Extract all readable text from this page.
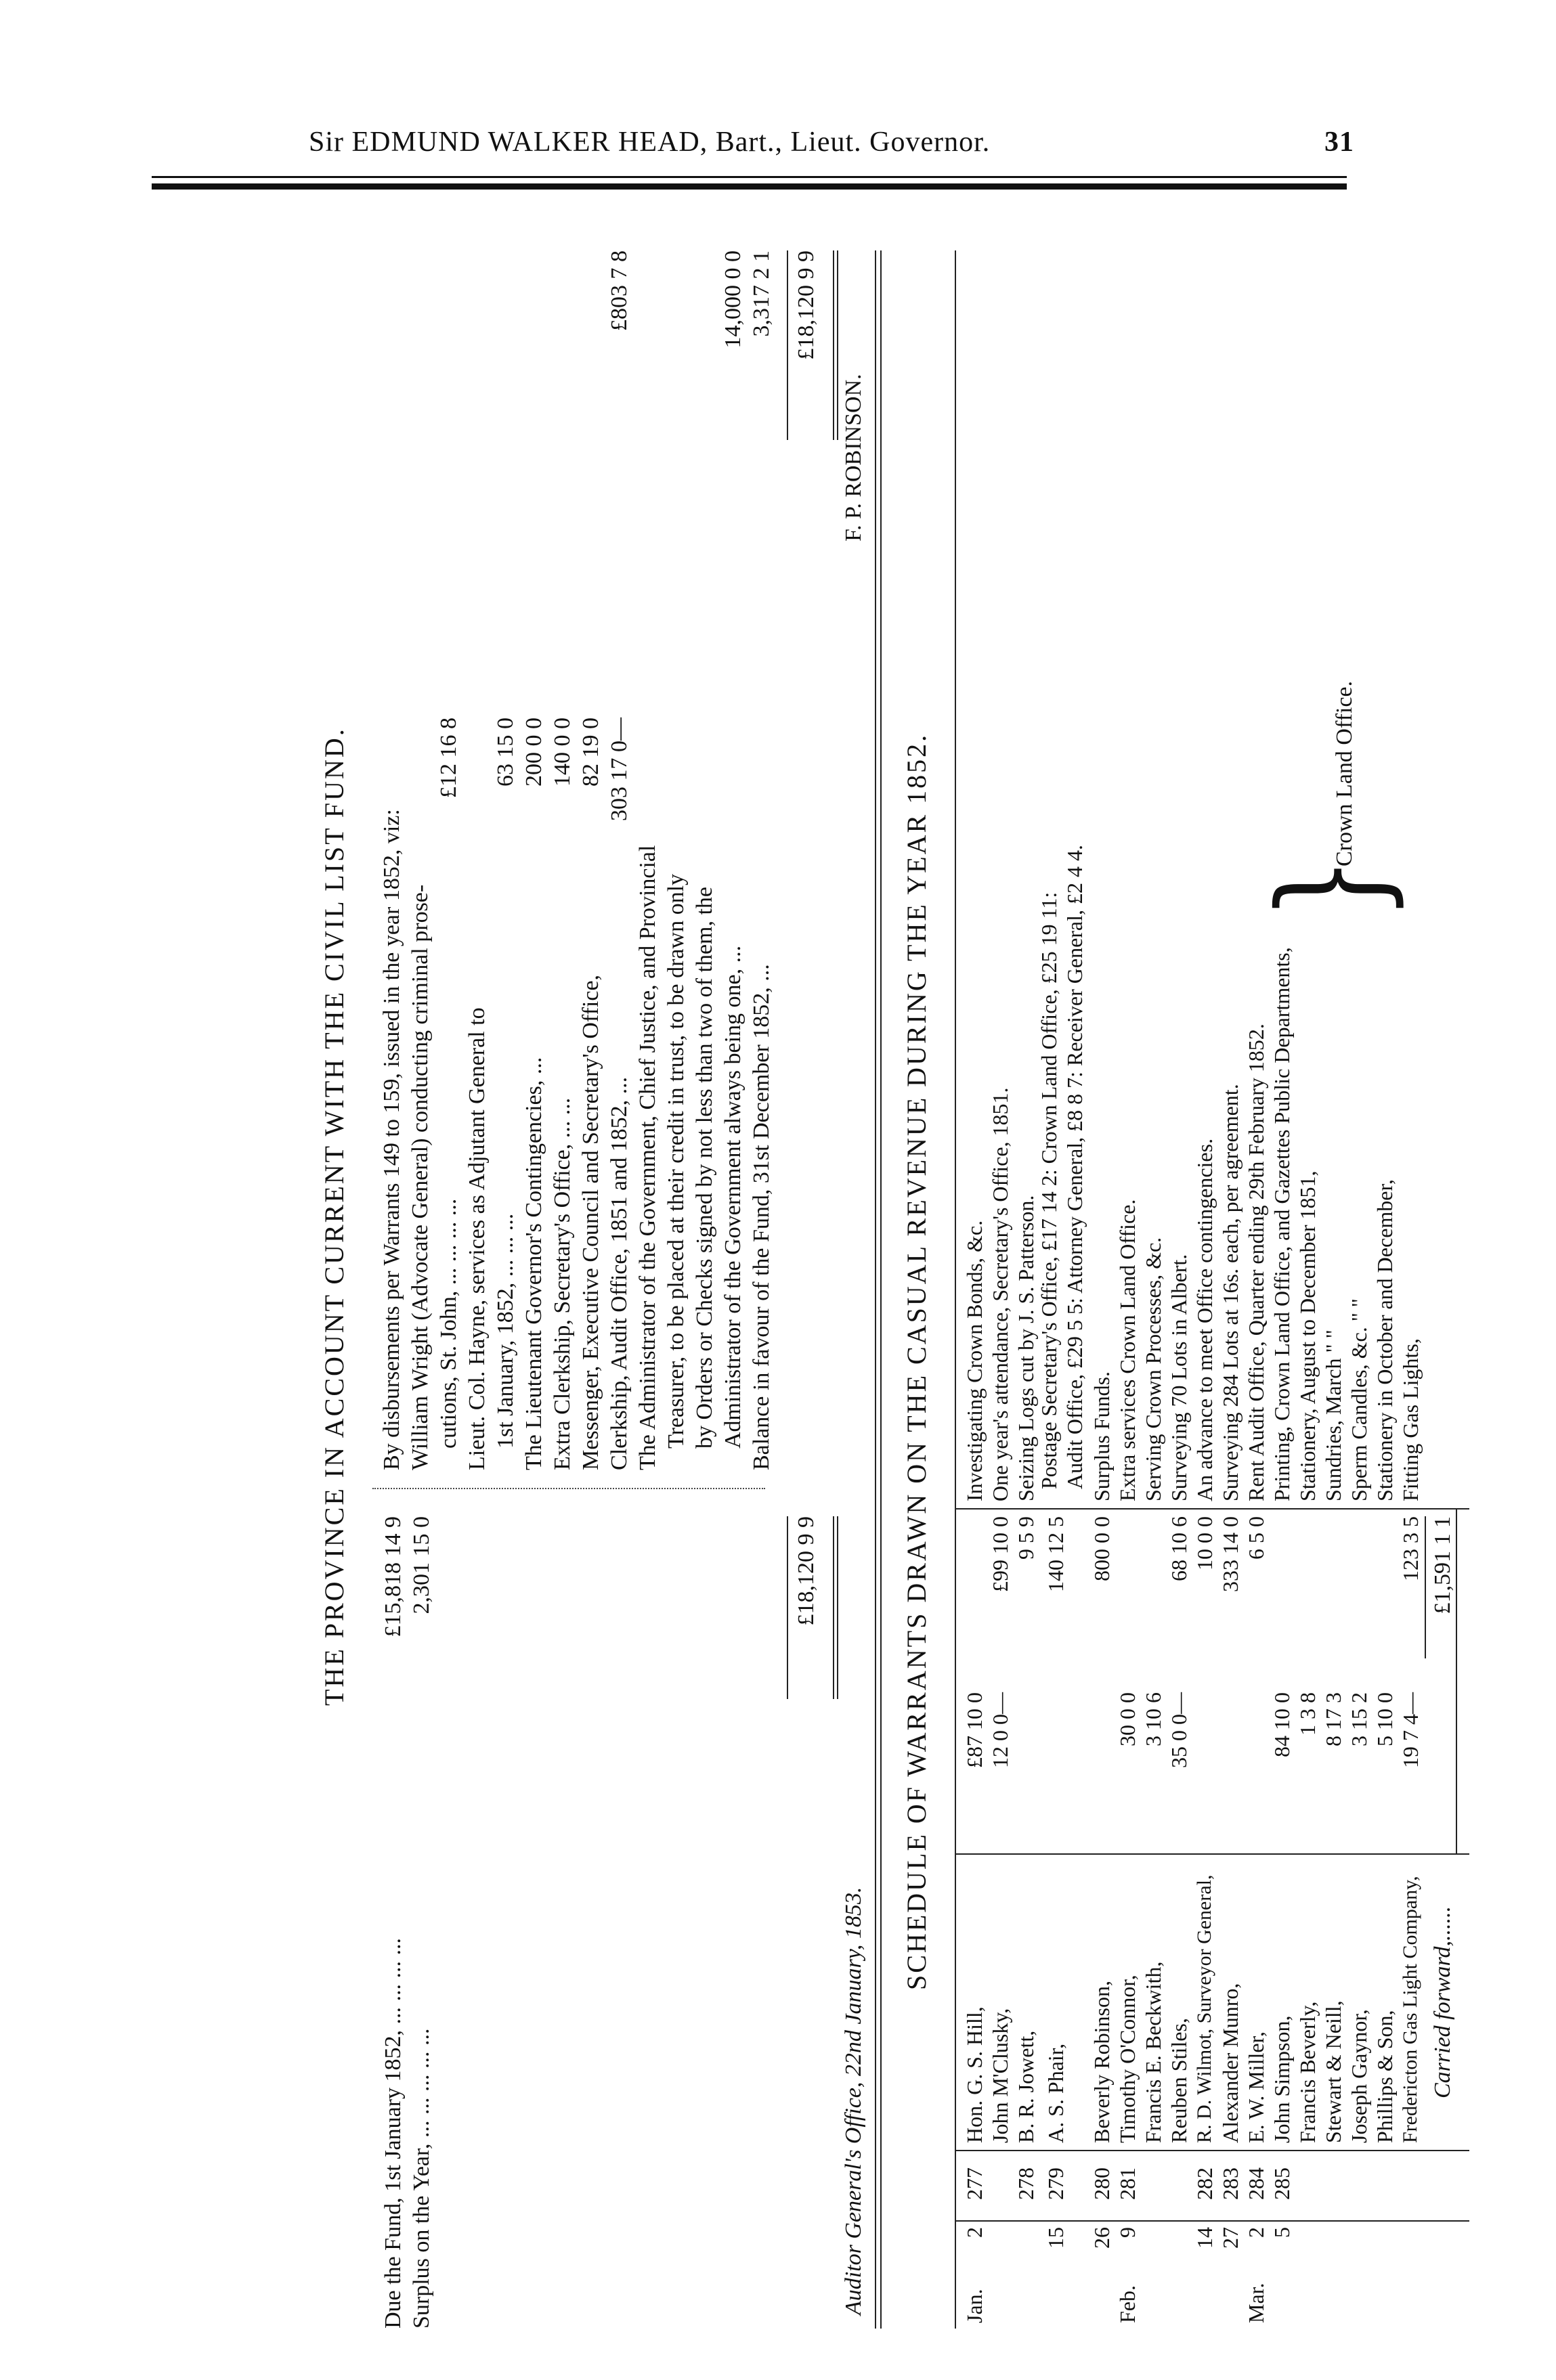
Sir EDMUND WALKER HEAD, Bart., Lieut. Governor.	31
THE PROVINCE IN ACCOUNT CURRENT WITH THE CIVIL LIST FUND.
Due the Fund, 1st January 1852, ... ... ... ...
£15,818 14 9
Surplus on the Year, ... ... ... ... ...
2,301 15 0	£18,120 9 9
By disbursements per Warrants 149 to 159, issued in the year 1852, viz: William Wright (Advocate General) conducting criminal prose- cutions, St. John, ... ... ... ...
£12 16 8
Lieut. Col. Hayne, services as Adjutant General to 1st January, 1852, ... ... ...
63 15 0
The Lieutenant Governor's Contingencies, ...
200 0 0
Extra Clerkship, Secretary's Office, ... ...
140 0 0
Messenger, Executive Council and Secretary's Office,
82 19 0
Clerkship, Audit Office, 1851 and 1852, ...
303 17 0—
£803 7 8
The Administrator of the Government, Chief Justice, and Provincial Treasurer, to be placed at their credit in trust, to be drawn only by Orders or Checks signed by not less than two of them, the Administrator of the Government always being one, ...
14,000 0 0
Balance in favour of the Fund, 31st December 1852, ...
3,317 2 1 £18,120 9 9
Auditor General's Office, 22nd January, 1853.
F. P. ROBINSON.
SCHEDULE OF WARRANTS DRAWN ON THE CASUAL REVENUE DURING THE YEAR 1852.
Jan.
2
277
Hon. G. S. Hill,
£87 10 0
Investigating Crown Bonds, &c.
John M'Clusky,
12 0 0—
£99 10 0
One year's attendance, Secretary's Office, 1851.
278
B. R. Jowett,
9 5 9
Seizing Logs cut by J. S. Patterson.
15
279
A. S. Phair,
140 12 5
Postage Secretary's Office, £17 14 2: Crown Land Office, £25 19 11: Audit Office, £29 5 5: Attorney General, £8 8 7: Receiver General, £2 4 4.
26
280
Beverly Robinson,
800 0 0
Surplus Funds.
Feb.
9
281
Timothy O'Connor,
30 0 0
Extra services Crown Land Office.
Francis E. Beckwith,
3 10 6
Serving Crown Processes, &c.
Reuben Stiles,
35 0 0—
68 10 6
Surveying 70 Lots in Albert.
14
282
R. D. Wilmot, Surveyor General,
10 0 0
An advance to meet Office contingencies.
27
283
Alexander Munro,
333 14 0
Surveying 284 Lots at 16s. each, per agreement.
Mar.
2
284
E. W. Miller,
6 5 0
Rent Audit Office, Quarter ending 29th February 1852.
5
285
John Simpson,
84 10 0
Printing, Crown Land Office, and Gazettes Public Departments,
Francis Beverly,
1 3 8
Stationery, August to December 1851,
Stewart & Neill,
8 17 3
Sundries, March " "
Joseph Gaynor,
3 15 2
Sperm Candles, &c. " "
Phillips & Son,
5 10 0
Stationery in October and December,
Fredericton Gas Light Company,
19 7 4—
123 3 5
Fitting Gas Lights,
}
Crown Land Office.
Carried forward,......
£1,591 1 1
